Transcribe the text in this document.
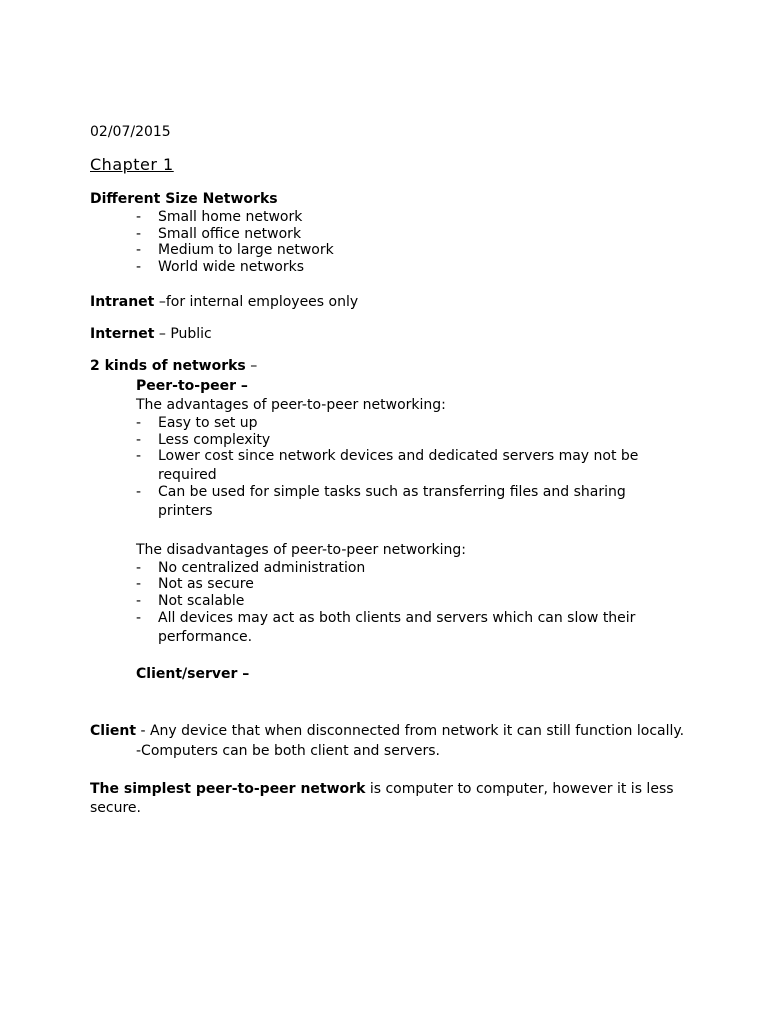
02/07/2015
Chapter 1
Different Size Networks
- Small home network
- Small office network
- Medium to large network
- World wide networks
Intranet –for internal employees only
Internet – Public
2 kinds of networks –
Peer-to-peer –
The advantages of peer-to-peer networking:
- Easy to set up
- Less complexity
- Lower cost since network devices and dedicated servers may not be
required
- Can be used for simple tasks such as transferring files and sharing
printers
The disadvantages of peer-to-peer networking:
- No centralized administration
- Not as secure
- Not scalable
- All devices may act as both clients and servers which can slow their
performance.
Client/server –
Client - Any device that when disconnected from network it can still function locally.
-Computers can be both client and servers.
The simplest peer-to-peer network is computer to computer, however it is less
secure.
